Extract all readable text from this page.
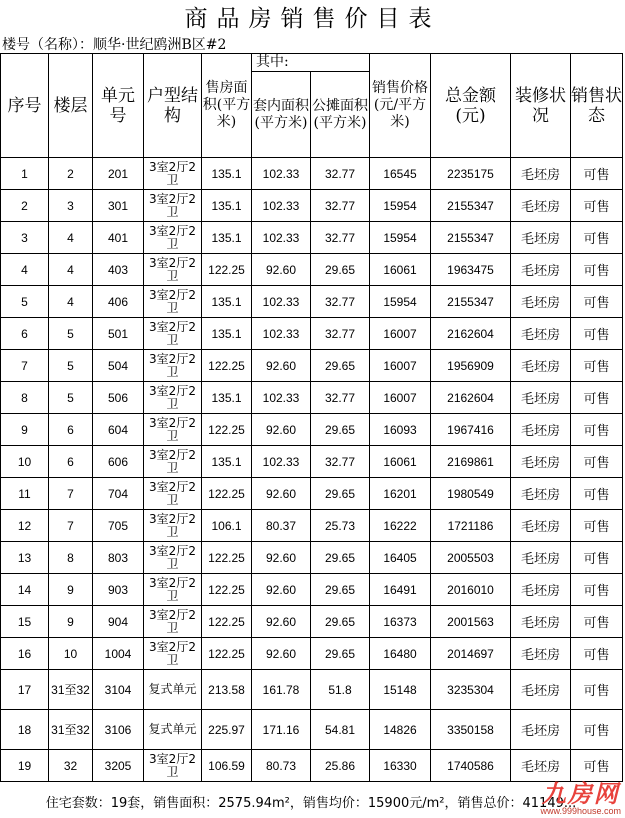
商品房销售价目表
楼号（名称）：顺华·世纪鸥洲B区#2
序号	楼层	单元号	户型结构	售房面积(平方米)	其中:		销售价格(元/平方米)	总金额(元)	装修状况	销售状态
					套内面积(平方米)	公摊面积(平方米)				
1	2	201	3室2厅2卫	135.1	102.33	32.77	16545	2235175	毛坯房	可售
2	3	301	3室2厅2卫	135.1	102.33	32.77	15954	2155347	毛坯房	可售
3	4	401	3室2厅2卫	135.1	102.33	32.77	15954	2155347	毛坯房	可售
4	4	403	3室2厅2卫	122.25	92.60	29.65	16061	1963475	毛坯房	可售
5	4	406	3室2厅2卫	135.1	102.33	32.77	15954	2155347	毛坯房	可售
6	5	501	3室2厅2卫	135.1	102.33	32.77	16007	2162604	毛坯房	可售
7	5	504	3室2厅2卫	122.25	92.60	29.65	16007	1956909	毛坯房	可售
8	5	506	3室2厅2卫	135.1	102.33	32.77	16007	2162604	毛坯房	可售
9	6	604	3室2厅2卫	122.25	92.60	29.65	16093	1967416	毛坯房	可售
10	6	606	3室2厅2卫	135.1	102.33	32.77	16061	2169861	毛坯房	可售
11	7	704	3室2厅2卫	122.25	92.60	29.65	16201	1980549	毛坯房	可售
12	7	705	3室2厅2卫	106.1	80.37	25.73	16222	1721186	毛坯房	可售
13	8	803	3室2厅2卫	122.25	92.60	29.65	16405	2005503	毛坯房	可售
14	9	903	3室2厅2卫	122.25	92.60	29.65	16491	2016010	毛坯房	可售
15	9	904	3室2厅2卫	122.25	92.60	29.65	16373	2001563	毛坯房	可售
16	10	1004	3室2厅2卫	122.25	92.60	29.65	16480	2014697	毛坯房	可售
17	31至32	3104	复式单元	213.58	161.78	51.8	15148	3235304	毛坯房	可售
18	31至32	3106	复式单元	225.97	171.16	54.81	14826	3350158	毛坯房	可售
19	32	3205	3室2厅2卫	106.59	80.73	25.86	16330	1740586	毛坯房	可售
住宅套数：19套，销售面积：2575.94m²，销售均价：15900元/m²，销售总价：41149...
九房网
www.999house.com
